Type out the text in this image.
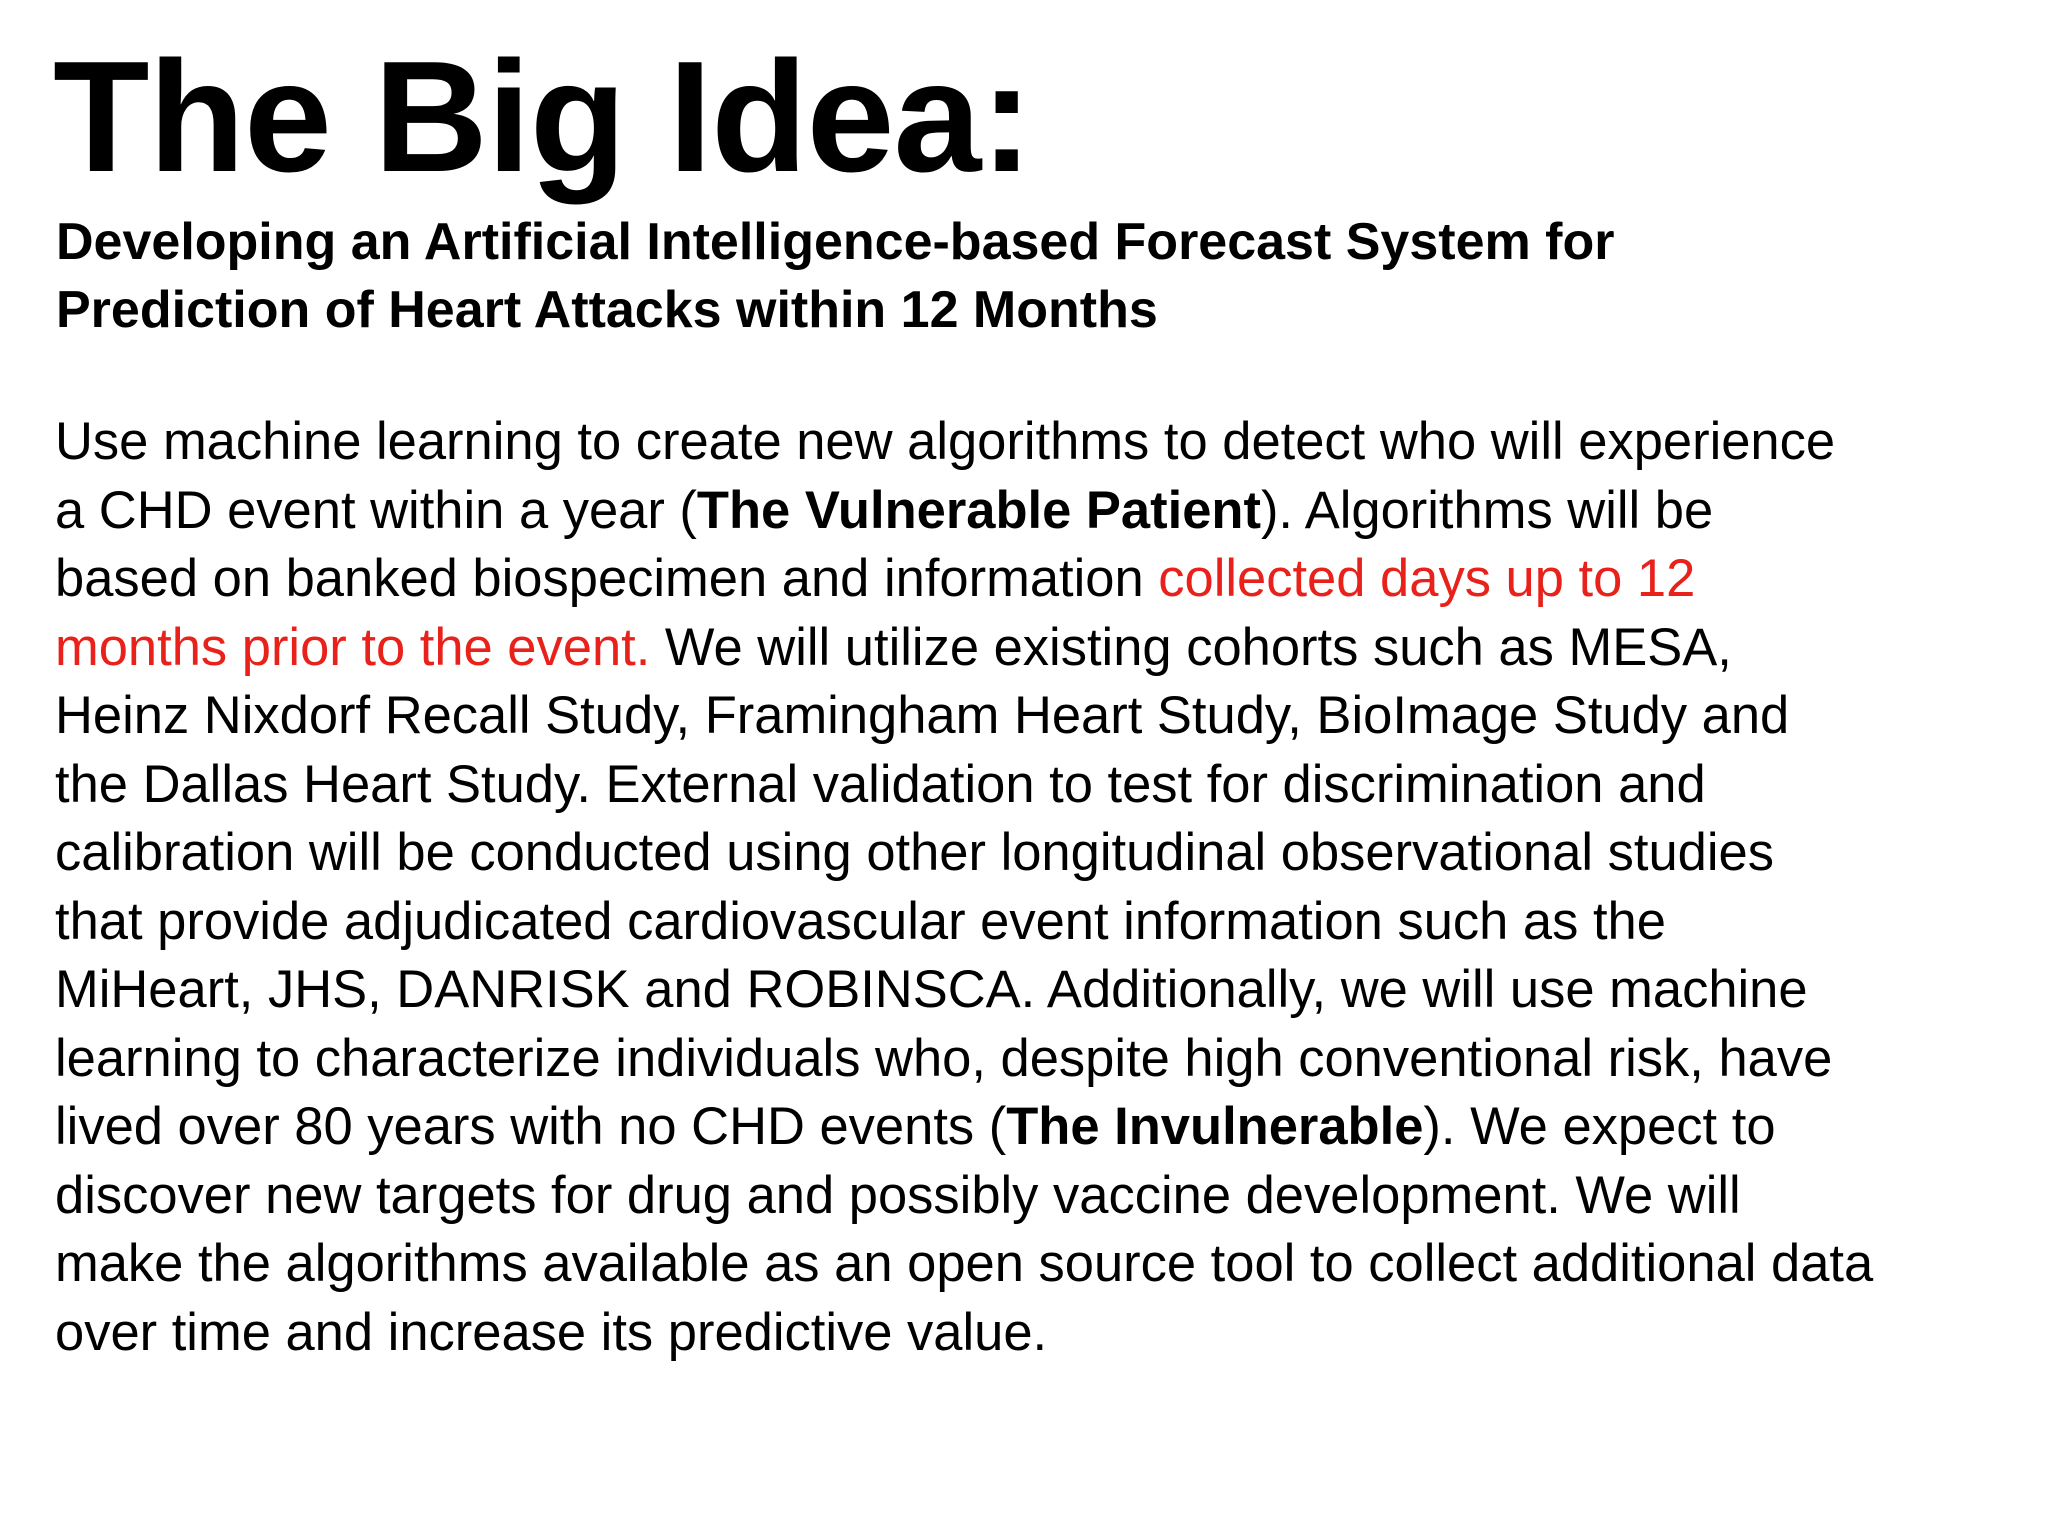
The Big Idea:
Developing an Artificial Intelligence-based Forecast System for
Prediction of Heart Attacks within 12 Months
Use machine learning to create new algorithms to detect who will experience
a CHD event within a year (The Vulnerable Patient). Algorithms will be
based on banked biospecimen and information collected days up to 12
months prior to the event. We will utilize existing cohorts such as MESA,
Heinz Nixdorf Recall Study, Framingham Heart Study, BioImage Study and
the Dallas Heart Study. External validation to test for discrimination and
calibration will be conducted using other longitudinal observational studies
that provide adjudicated cardiovascular event information such as the
MiHeart, JHS, DANRISK and ROBINSCA. Additionally, we will use machine
learning to characterize individuals who, despite high conventional risk, have
lived over 80 years with no CHD events (The Invulnerable). We expect to
discover new targets for drug and possibly vaccine development. We will
make the algorithms available as an open source tool to collect additional data
over time and increase its predictive value.
